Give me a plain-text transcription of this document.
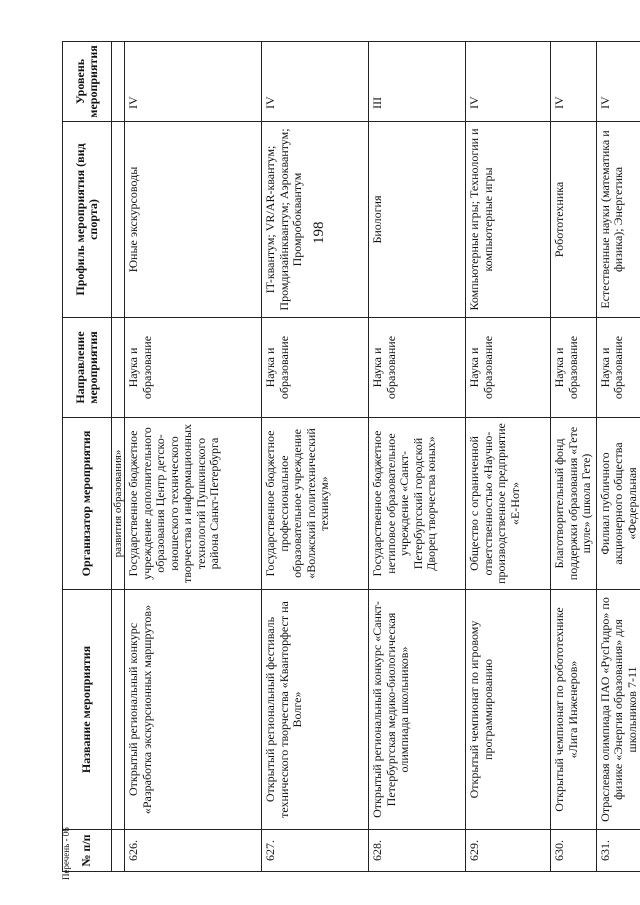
198
№ п/п	Название мероприятия	Организатор мероприятия	Направление мероприятия	Профиль мероприятия (вид спорта)	Уровень мероприятия
		развития образования»			
626.	Открытый региональный конкурс «Разработка экскурсионных маршрутов»	Государственное бюджетное учреждение дополнительного образования Центр детско-юношеского технического творчества и информационных технологий Пушкинского района Санкт-Петербурга	Наука и образование	Юные экскурсоводы	IV
627.	Открытый региональный фестиваль технического творчества «Кванторфест на Волге»	Государственное бюджетное профессиональное образовательное учреждение «Волжский политехнический техникум»	Наука и образование	IT-квантум; VR/AR-квантум; Промдизайнквантум; Аэроквантум; Промробоквантум	IV
628.	Открытый региональный конкурс «Санкт-Петербургская медико-биологическая олимпиада школьников»	Государственное бюджетное нетиповое образовательное учреждение «Санкт-Петербургский городской Дворец творчества юных»	Наука и образование	Биология	III
629.	Открытый чемпионат по игровому программированию	Общество с ограниченной ответственностью «Научно-производственное предприятие «Е-Нот»	Наука и образование	Компьютерные игры; Технологии и компьютерные игры	IV
630.	Открытый чемпионат по робототехнике «Лига Инженеров»	Благотворительный фонд поддержки образования «Гете шуле» (школа Гете)	Наука и образование	Робототехника	IV
631.	Отраслевая олимпиада ПАО «РусГидро» по физике «Энергия образования» для школьников 7-11	Филиал публичного акционерного общества «Федеральная	Наука и образование	Естественные науки (математика и физика); Энергетика	IV
Перечень - 06
